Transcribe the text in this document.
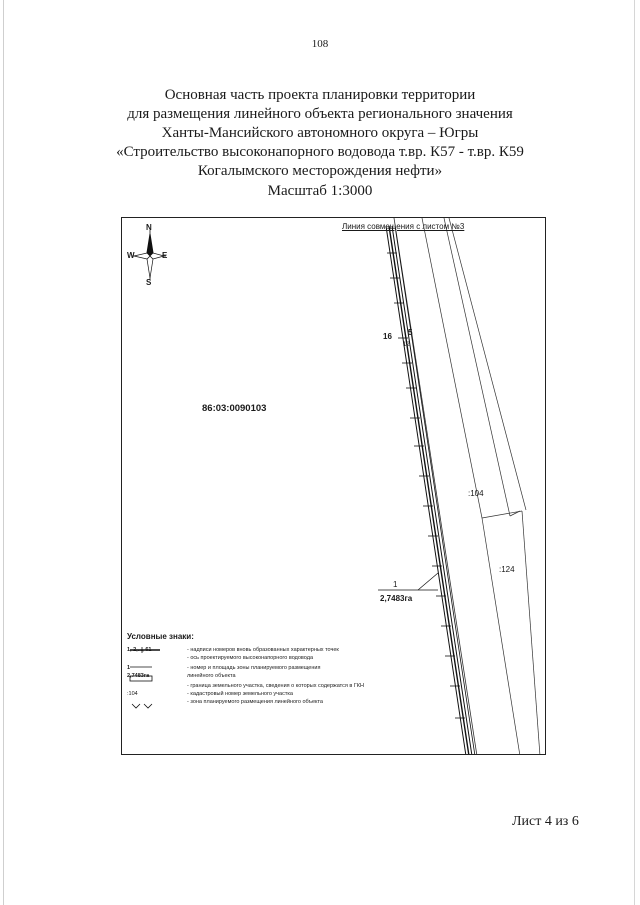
108
Основная часть проекта планировки территории
для размещения линейного объекта регионального значения
Ханты-Мансийского автономного округа – Югры
«Строительство высоконапорного водовода т.вр. К57 - т.вр. К59
Когалымского месторождения нефти»
Масштаб 1:3000
Линия совмещения с листом №3
86:03:0090103
N
S
W	E
16 5
12
:104
:124
1
2,7483га
Условные знаки:
1, 2,..., 61	- надписи номеров вновь образованных характерных точек
- ось проектируемого высоконапорного водовода
1	- номер и площадь зоны планируемого размещения
2,7483га	линейного объекта
- граница земельного участка, сведения о которых содержатся в ГКН
:104	- кадастровый номер земельного участка
- зона планируемого размещения линейного объекта
Лист 4 из 6
